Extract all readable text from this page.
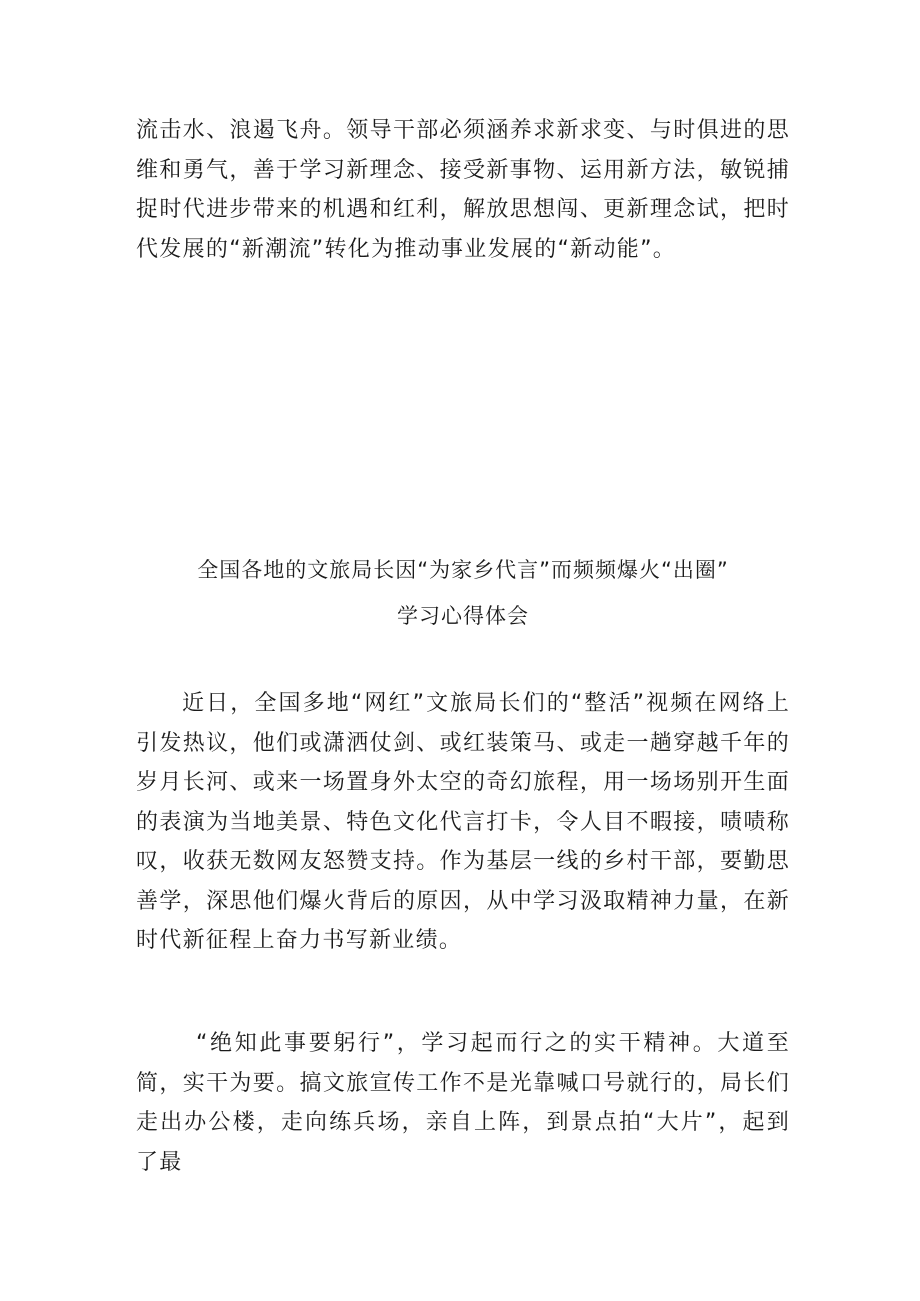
流击水、浪遏飞舟。领导干部必须涵养求新求变、与时俱进的思维和勇气，善于学习新理念、接受新事物、运用新方法，敏锐捕捉时代进步带来的机遇和红利，解放思想闯、更新理念试，把时代发展的“新潮流”转化为推动事业发展的“新动能”。

全国各地的文旅局长因“为家乡代言”而频频爆火“出圈”
学习心得体会

近日，全国多地“网红”文旅局长们的“整活”视频在网络上引发热议，他们或潇洒仗剑、或红装策马、或走一趟穿越千年的岁月长河、或来一场置身外太空的奇幻旅程，用一场场别开生面的表演为当地美景、特色文化代言打卡，令人目不暇接，啧啧称叹，收获无数网友怒赞支持。作为基层一线的乡村干部，要勤思善学，深思他们爆火背后的原因，从中学习汲取精神力量，在新时代新征程上奋力书写新业绩。

“绝知此事要躬行”，学习起而行之的实干精神。大道至简，实干为要。搞文旅宣传工作不是光靠喊口号就行的，局长们走出办公楼，走向练兵场，亲自上阵，到景点拍“大片”，起到了最
